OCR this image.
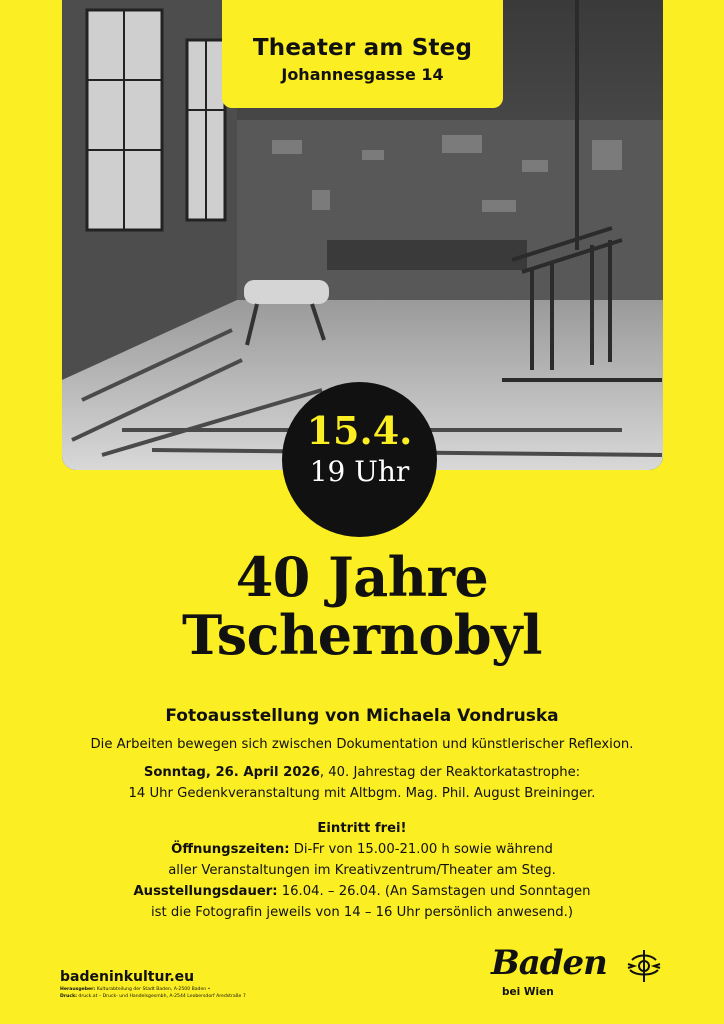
Theater am Steg
Johannesgasse 14
15.4.
19 Uhr
40 Jahre
Tschernobyl
Fotoausstellung von Michaela Vondruska
Die Arbeiten bewegen sich zwischen Dokumentation und künstlerischer Reflexion.
Sonntag, 26. April 2026, 40. Jahrestag der Reaktorkatastrophe:
14 Uhr Gedenkveranstaltung mit Altbgm. Mag. Phil. August Breininger.
Eintritt frei!
Öffnungszeiten: Di-Fr von 15.00-21.00 h sowie während
aller Veranstaltungen im Kreativzentrum/Theater am Steg.
Ausstellungsdauer: 16.04. – 26.04. (An Samstagen und Sonntagen
ist die Fotografin jeweils von 14 – 16 Uhr persönlich anwesend.)
badeninkultur.eu
Herausgeber: Kulturabteilung der Stadt Baden, A-2500 Baden •
Druck: druck.at – Druck- und Handelsgesmbh, A-2544 Leobersdorf Aredstraße 7
Baden
bei Wien
